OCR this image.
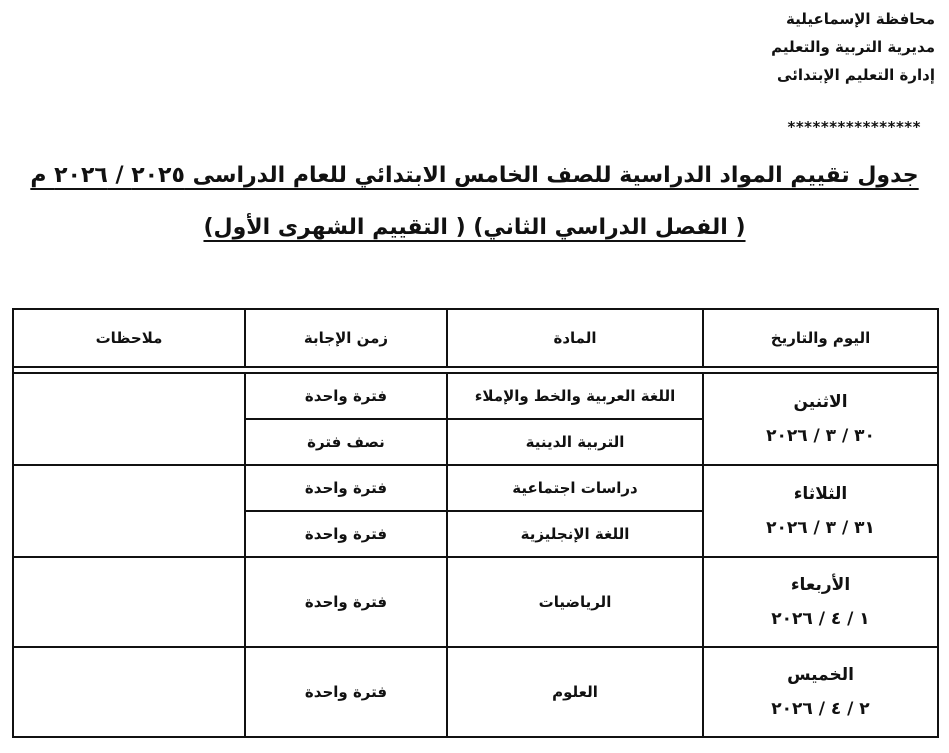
محافظة الإسماعيلية
مديرية التربية والتعليم
إدارة التعليم الإبتدائى
****************
جدول تقييم المواد الدراسية للصف الخامس الابتدائي للعام الدراسى ٢٠٢٥ / ٢٠٢٦ م
( الفصل الدراسي الثاني) ( التقييم الشهرى الأول)
اليوم والتاريخ	المادة	زمن الإجابة	ملاحظات

الاثنين
٣٠ / ٣ / ٢٠٢٦	اللغة العربية والخط والإملاء	فترة واحدة	
	التربية الدينية	نصف فترة	

الثلاثاء
٣١ / ٣ / ٢٠٢٦	دراسات اجتماعية	فترة واحدة	
	اللغة الإنجليزية	فترة واحدة	

الأربعاء
١ / ٤ / ٢٠٢٦	الرياضيات	فترة واحدة	

الخميس
٢ / ٤ / ٢٠٢٦	العلوم	فترة واحدة	
